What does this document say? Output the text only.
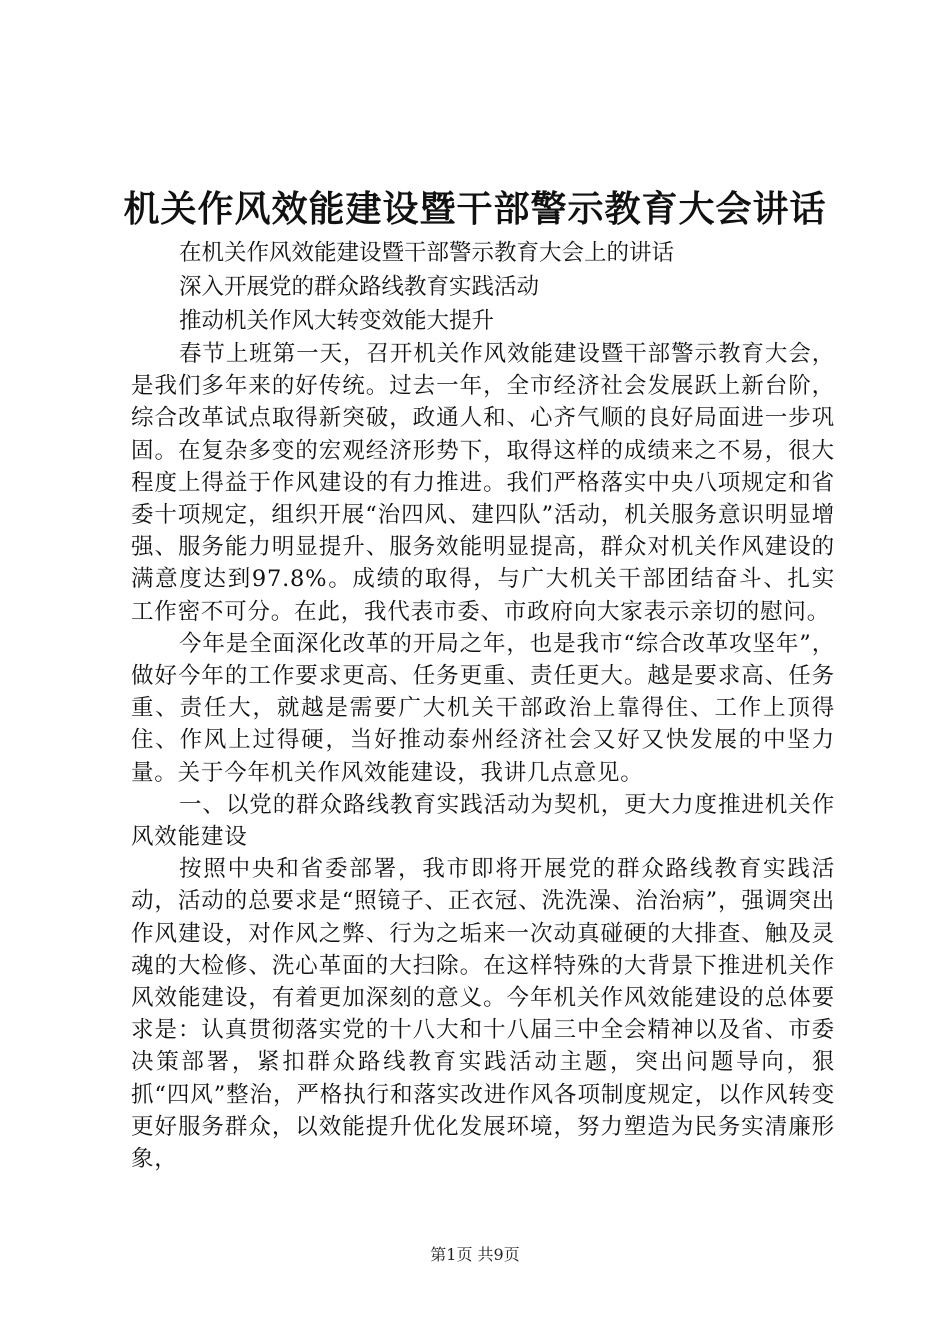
机关作风效能建设暨干部警示教育大会讲话

在机关作风效能建设暨干部警示教育大会上的讲话

深入开展党的群众路线教育实践活动

推动机关作风大转变效能大提升

春节上班第一天，召开机关作风效能建设暨干部警示教育大会，是我们多年来的好传统。过去一年，全市经济社会发展跃上新台阶，综合改革试点取得新突破，政通人和、心齐气顺的良好局面进一步巩固。在复杂多变的宏观经济形势下，取得这样的成绩来之不易，很大程度上得益于作风建设的有力推进。我们严格落实中央八项规定和省委十项规定，组织开展“治四风、建四队”活动，机关服务意识明显增强、服务能力明显提升、服务效能明显提高，群众对机关作风建设的满意度达到97.8%。成绩的取得，与广大机关干部团结奋斗、扎实工作密不可分。在此，我代表市委、市政府向大家表示亲切的慰问。

今年是全面深化改革的开局之年，也是我市“综合改革攻坚年”，做好今年的工作要求更高、任务更重、责任更大。越是要求高、任务重、责任大，就越是需要广大机关干部政治上靠得住、工作上顶得住、作风上过得硬，当好推动泰州经济社会又好又快发展的中坚力量。关于今年机关作风效能建设，我讲几点意见。

一、以党的群众路线教育实践活动为契机，更大力度推进机关作风效能建设

按照中央和省委部署，我市即将开展党的群众路线教育实践活动，活动的总要求是“照镜子、正衣冠、洗洗澡、治治病”，强调突出作风建设，对作风之弊、行为之垢来一次动真碰硬的大排查、触及灵魂的大检修、洗心革面的大扫除。在这样特殊的大背景下推进机关作风效能建设，有着更加深刻的意义。今年机关作风效能建设的总体要求是：认真贯彻落实党的十八大和十八届三中全会精神以及省、市委决策部署，紧扣群众路线教育实践活动主题，突出问题导向，狠抓“四风”整治，严格执行和落实改进作风各项制度规定，以作风转变更好服务群众，以效能提升优化发展环境，努力塑造为民务实清廉形象，

第1页 共9页
